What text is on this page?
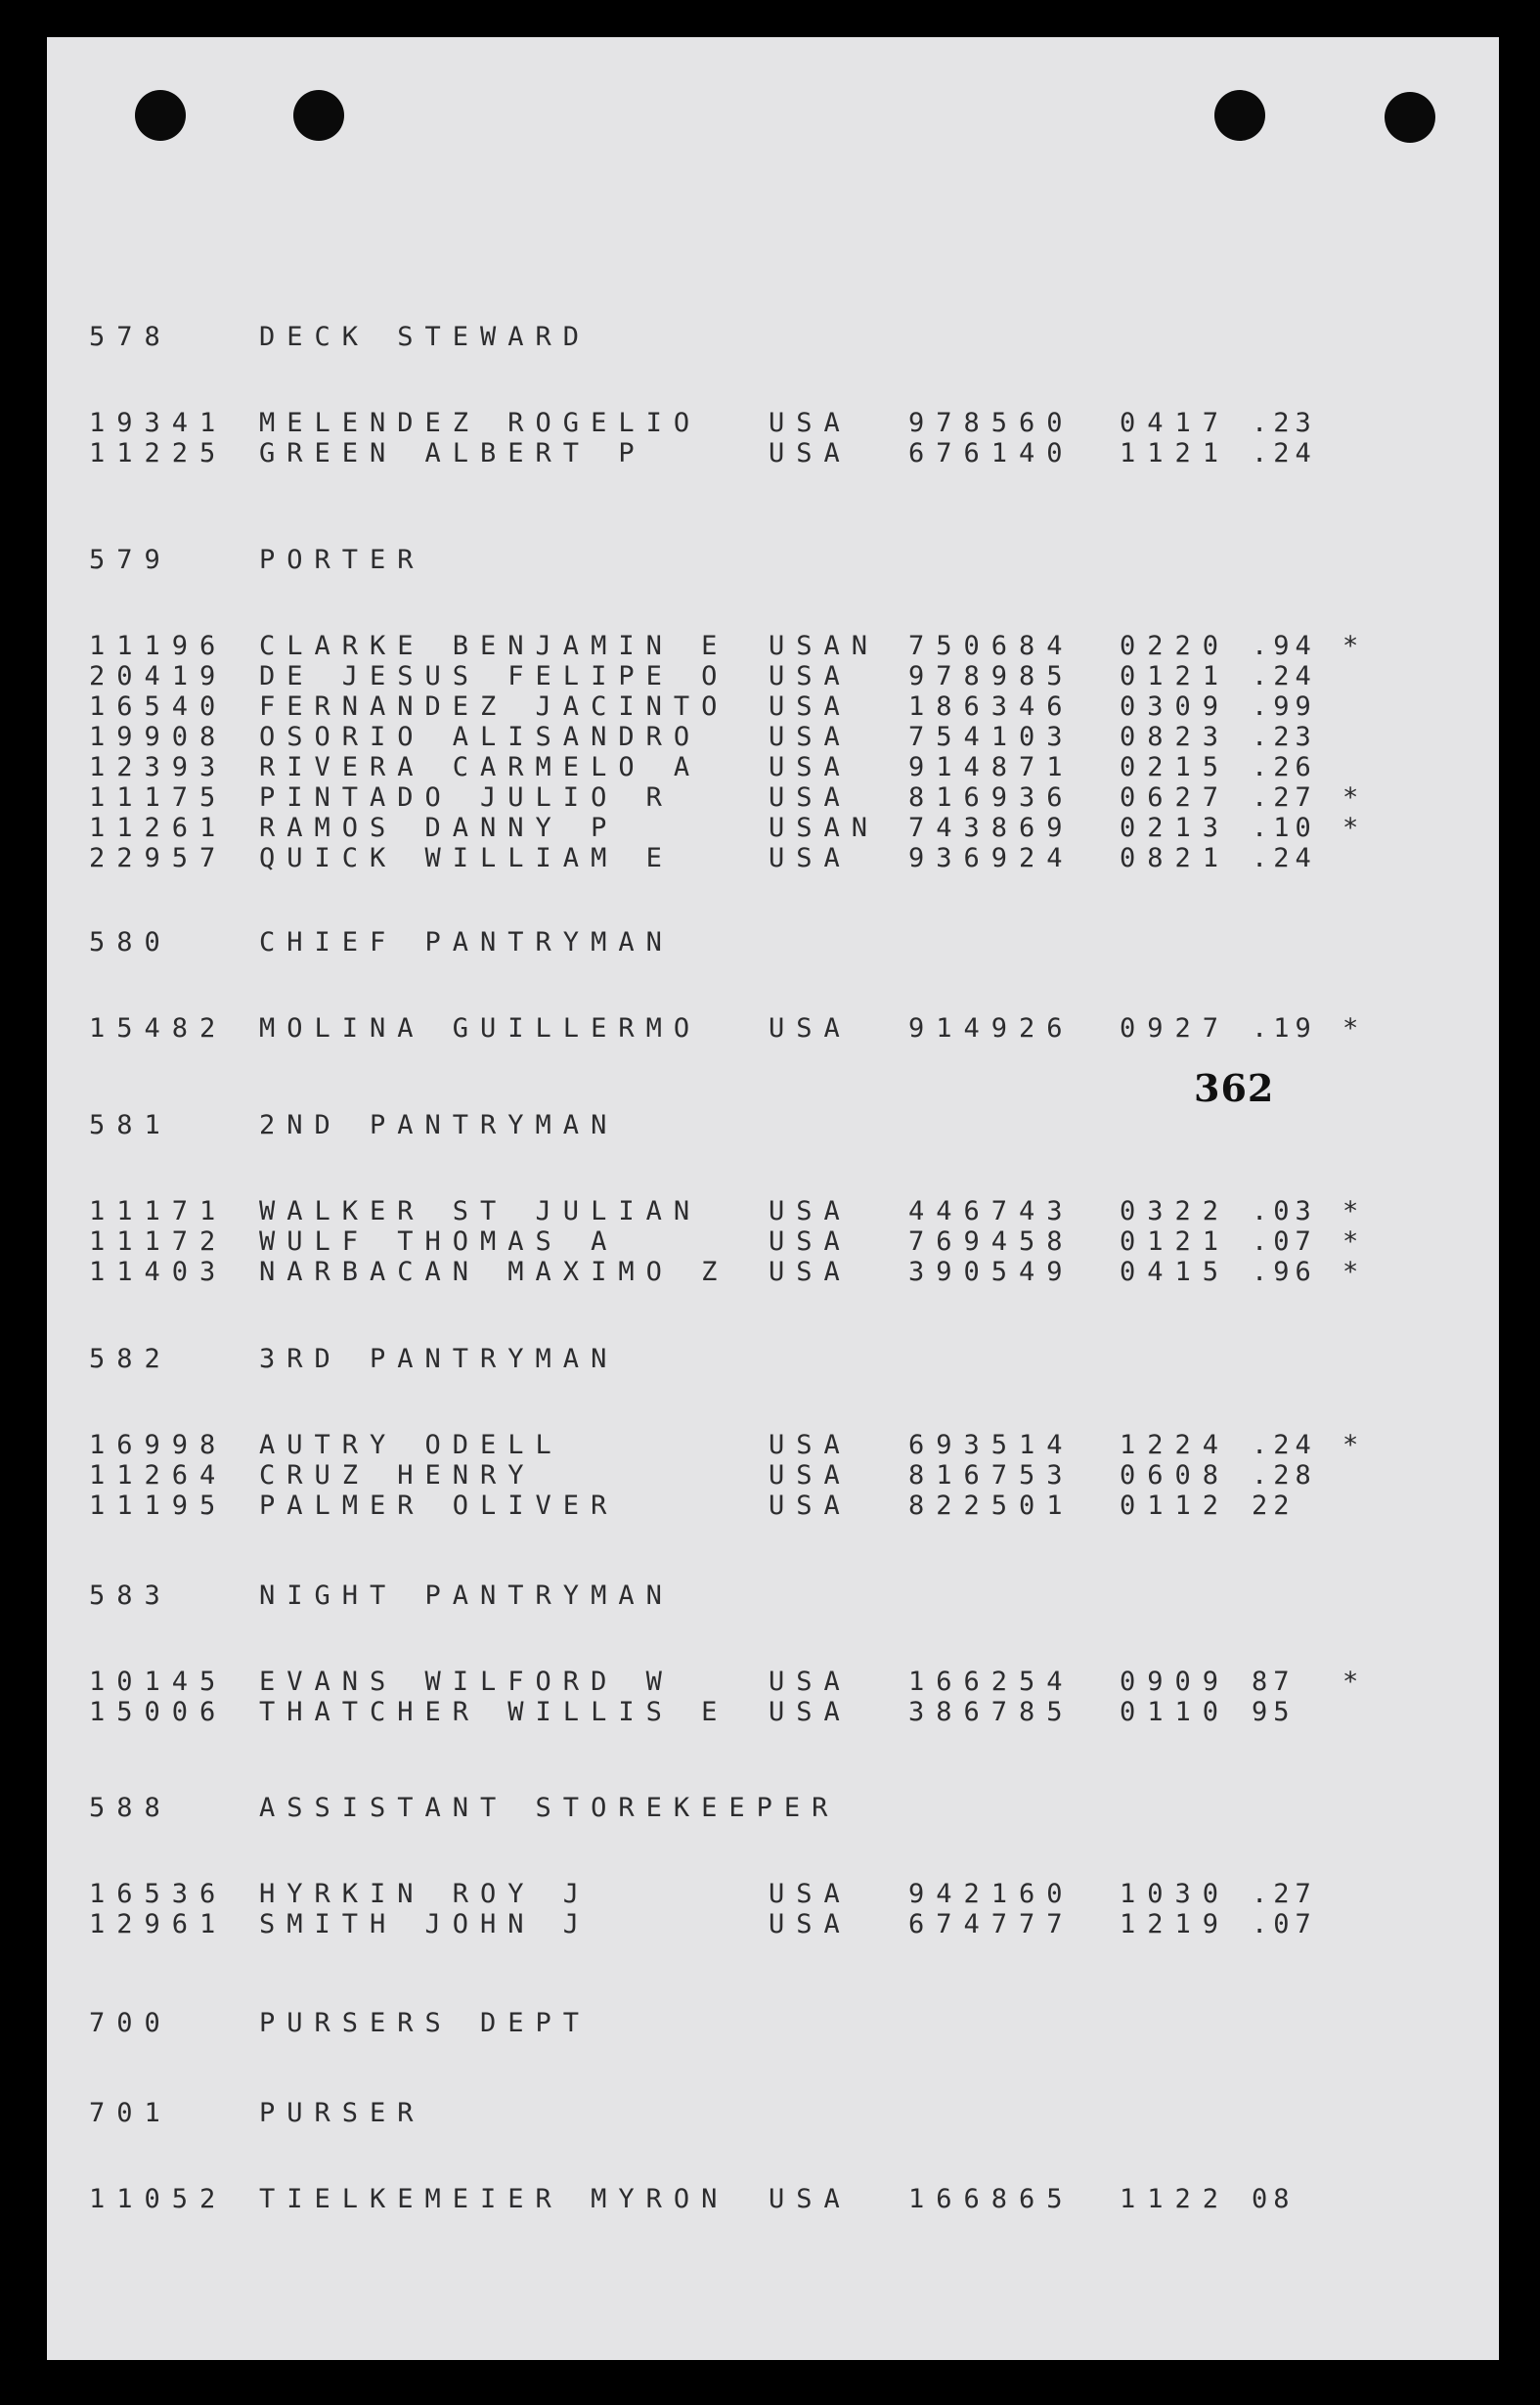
362
578	DECK STEWARD
19341 MELENDEZ ROGELIO	USA 978560 0417 .23
11225 GREEN ALBERT P	USA 676140 1121 .24
579	PORTER
11196 CLARKE BENJAMIN E USAN 750684 0220 .94 *
20419 DE JESUS FELIPE O USA 978985 0121 .24
16540 FERNANDEZ JACINTO USA 186346 0309 .99
19908 OSORIO ALISANDRO	USA 754103 0823 .23
12393 RIVERA CARMELO A	USA 914871 0215 .26
11175 PINTADO JULIO R	USA 816936 0627 .27 *
11261 RAMOS DANNY P	USAN 743869 0213 .10 *
22957 QUICK WILLIAM E	USA 936924 0821 .24
580	CHIEF PANTRYMAN
15482 MOLINA GUILLERMO	USA 914926 0927 .19 *
581	2ND PANTRYMAN
11171 WALKER ST JULIAN	USA 446743 0322 .03 *
11172 WULF THOMAS A	USA 769458 0121 .07 *
11403 NARBACAN MAXIMO Z USA 390549 0415 .96 *
582	3RD PANTRYMAN
16998 AUTRY ODELL	USA 693514 1224 .24 *
11264 CRUZ HENRY	USA 816753 0608 .28
11195 PALMER OLIVER	USA 822501 0112 22
583	NIGHT PANTRYMAN
10145 EVANS WILFORD W	USA 166254 0909 87 *
15006 THATCHER WILLIS E USA 386785 0110 95
588	ASSISTANT STOREKEEPER
16536 HYRKIN ROY J	USA 942160 1030 .27
12961 SMITH JOHN J	USA 674777 1219 .07
700	PURSERS DEPT
701	PURSER
11052 TIELKEMEIER MYRON USA 166865 1122 08
